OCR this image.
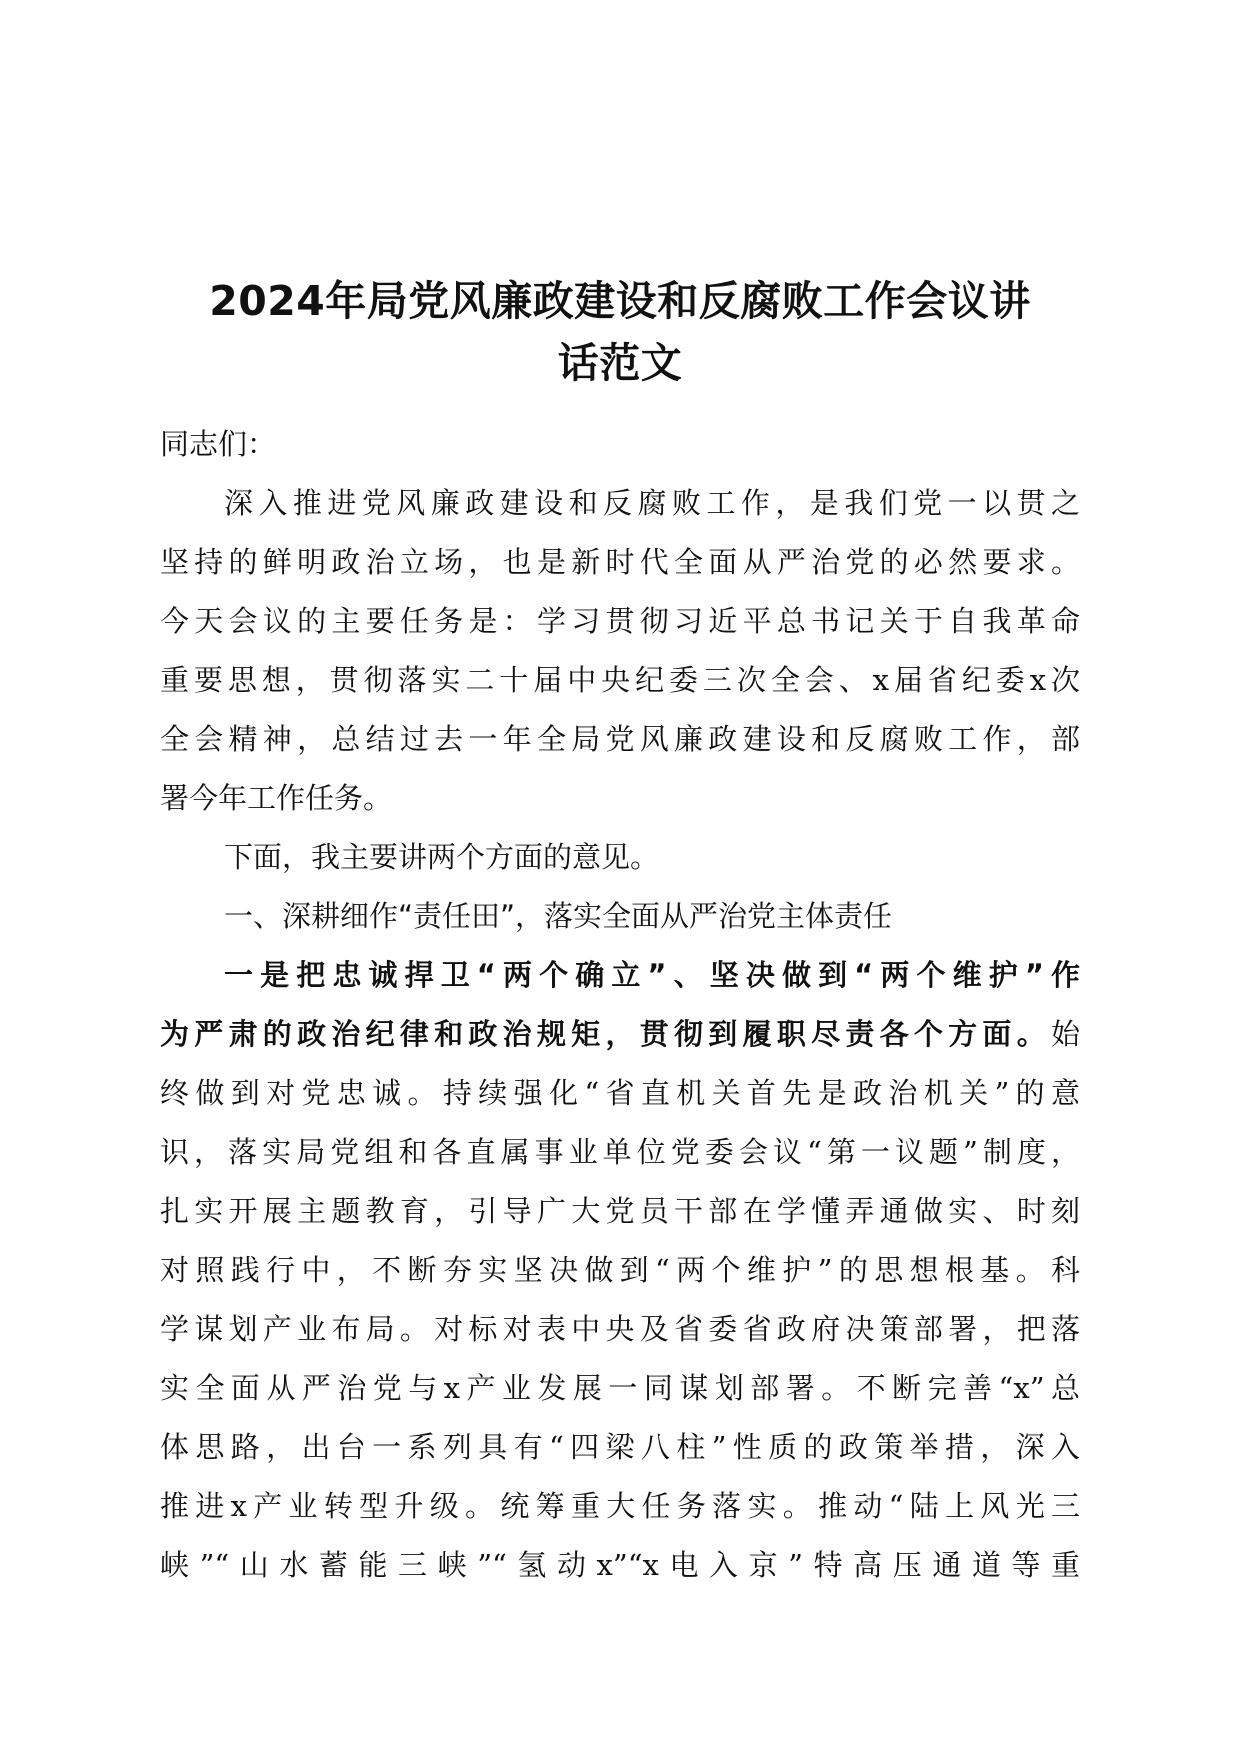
2024年局党风廉政建设和反腐败工作会议讲
话范文
同志们：
深入推进党风廉政建设和反腐败工作，是我们党一以贯之
坚持的鲜明政治立场，也是新时代全面从严治党的必然要求。
今天会议的主要任务是：学习贯彻习近平总书记关于自我革命
重要思想，贯彻落实二十届中央纪委三次全会、x届省纪委x次
全会精神，总结过去一年全局党风廉政建设和反腐败工作，部
署今年工作任务。
下面，我主要讲两个方面的意见。
一、深耕细作“责任田”，落实全面从严治党主体责任
一是把忠诚捍卫“两个确立”、坚决做到“两个维护”作
为严肃的政治纪律和政治规矩，贯彻到履职尽责各个方面。始
终做到对党忠诚。持续强化“省直机关首先是政治机关”的意
识，落实局党组和各直属事业单位党委会议“第一议题”制度，
扎实开展主题教育，引导广大党员干部在学懂弄通做实、时刻
对照践行中，不断夯实坚决做到“两个维护”的思想根基。科
学谋划产业布局。对标对表中央及省委省政府决策部署，把落
实全面从严治党与x产业发展一同谋划部署。不断完善“x”总
体思路，出台一系列具有“四梁八柱”性质的政策举措，深入
推进x产业转型升级。统筹重大任务落实。推动“陆上风光三
峡”“山水蓄能三峡”“氢动x”“x电入京”特高压通道等重
